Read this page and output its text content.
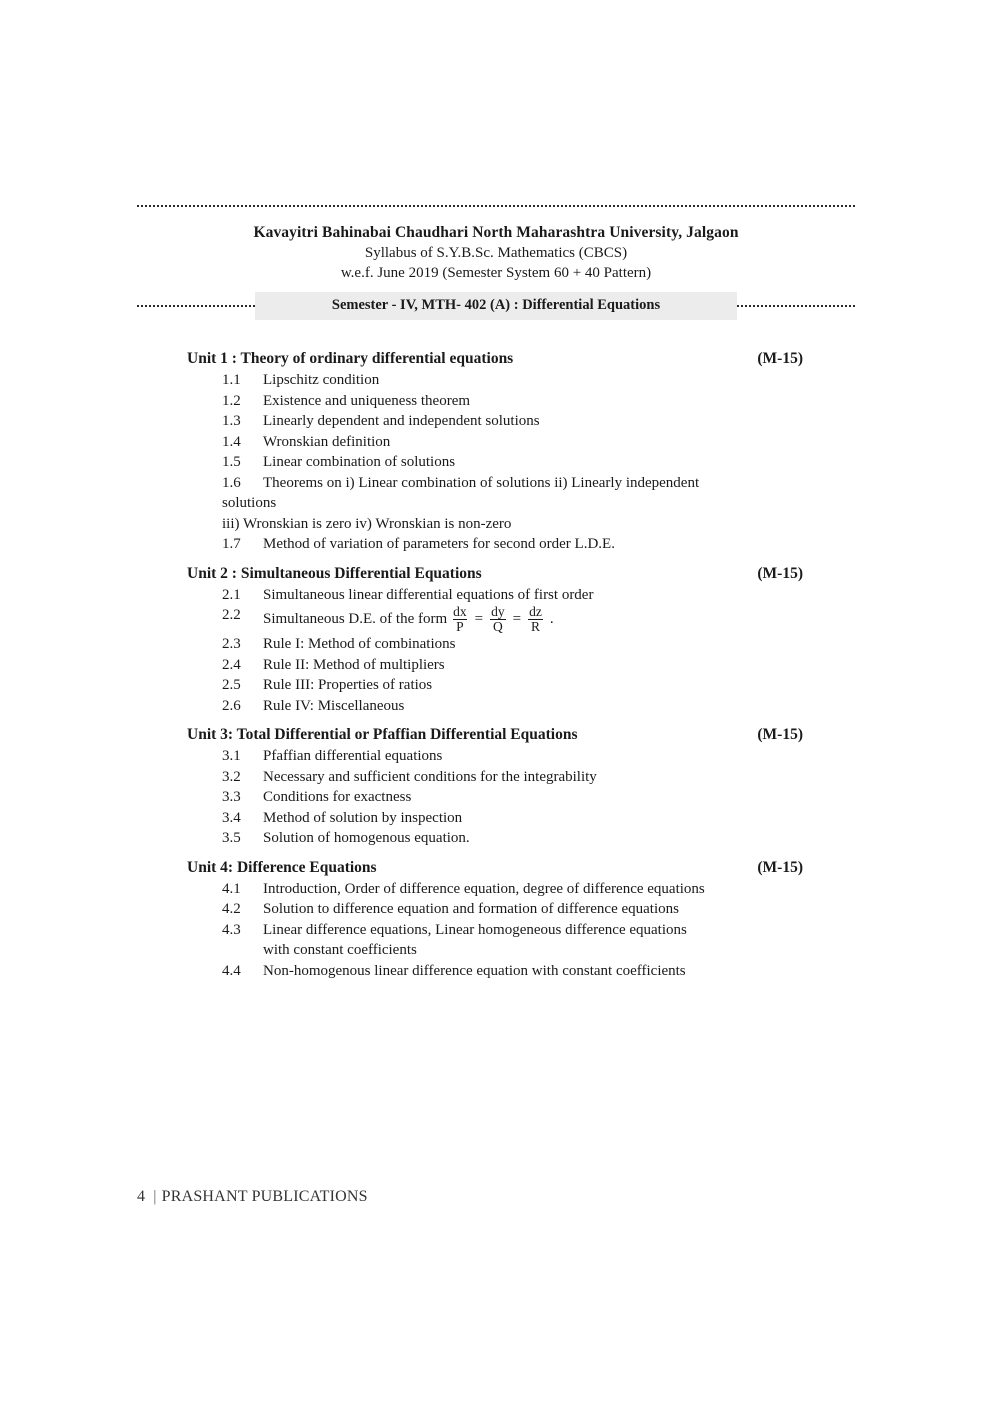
Kavayitri Bahinabai Chaudhari North Maharashtra University, Jalgaon
Syllabus of S.Y.B.Sc. Mathematics (CBCS)
w.e.f. June 2019 (Semester System 60 + 40 Pattern)
Semester - IV, MTH- 402 (A) : Differential Equations
Unit 1 : Theory of ordinary differential equations	(M-15)
1.1	Lipschitz condition
1.2	Existence and uniqueness theorem
1.3	Linearly dependent and independent solutions
1.4	Wronskian definition
1.5	Linear combination of solutions
1.6	Theorems on i) Linear combination of solutions ii) Linearly independent
solutions
iii) Wronskian is zero iv) Wronskian is non-zero
1.7	Method of variation of parameters for second order L.D.E.
Unit 2 : Simultaneous Differential Equations	(M-15)
2.1	Simultaneous linear differential equations of first order
2.2	Simultaneous D.E. of the form $\frac{dx}{P} = \frac{dy}{Q} = \frac{dz}{R}$ .
2.3	Rule I: Method of combinations
2.4	Rule II: Method of multipliers
2.5	Rule III: Properties of ratios
2.6	Rule IV: Miscellaneous
Unit 3: Total Differential or Pfaffian Differential Equations	(M-15)
3.1	Pfaffian differential equations
3.2	Necessary and sufficient conditions for the integrability
3.3	Conditions for exactness
3.4	Method of solution by inspection
3.5	Solution of homogenous equation.
Unit 4: Difference Equations	(M-15)
4.1	Introduction, Order of difference equation, degree of difference equations
4.2	Solution to difference equation and formation of difference equations
4.3	Linear difference equations, Linear homogeneous difference equations
with constant coefficients
4.4	Non-homogenous linear difference equation with constant coefficients
4 | PRASHANT PUBLICATIONS
